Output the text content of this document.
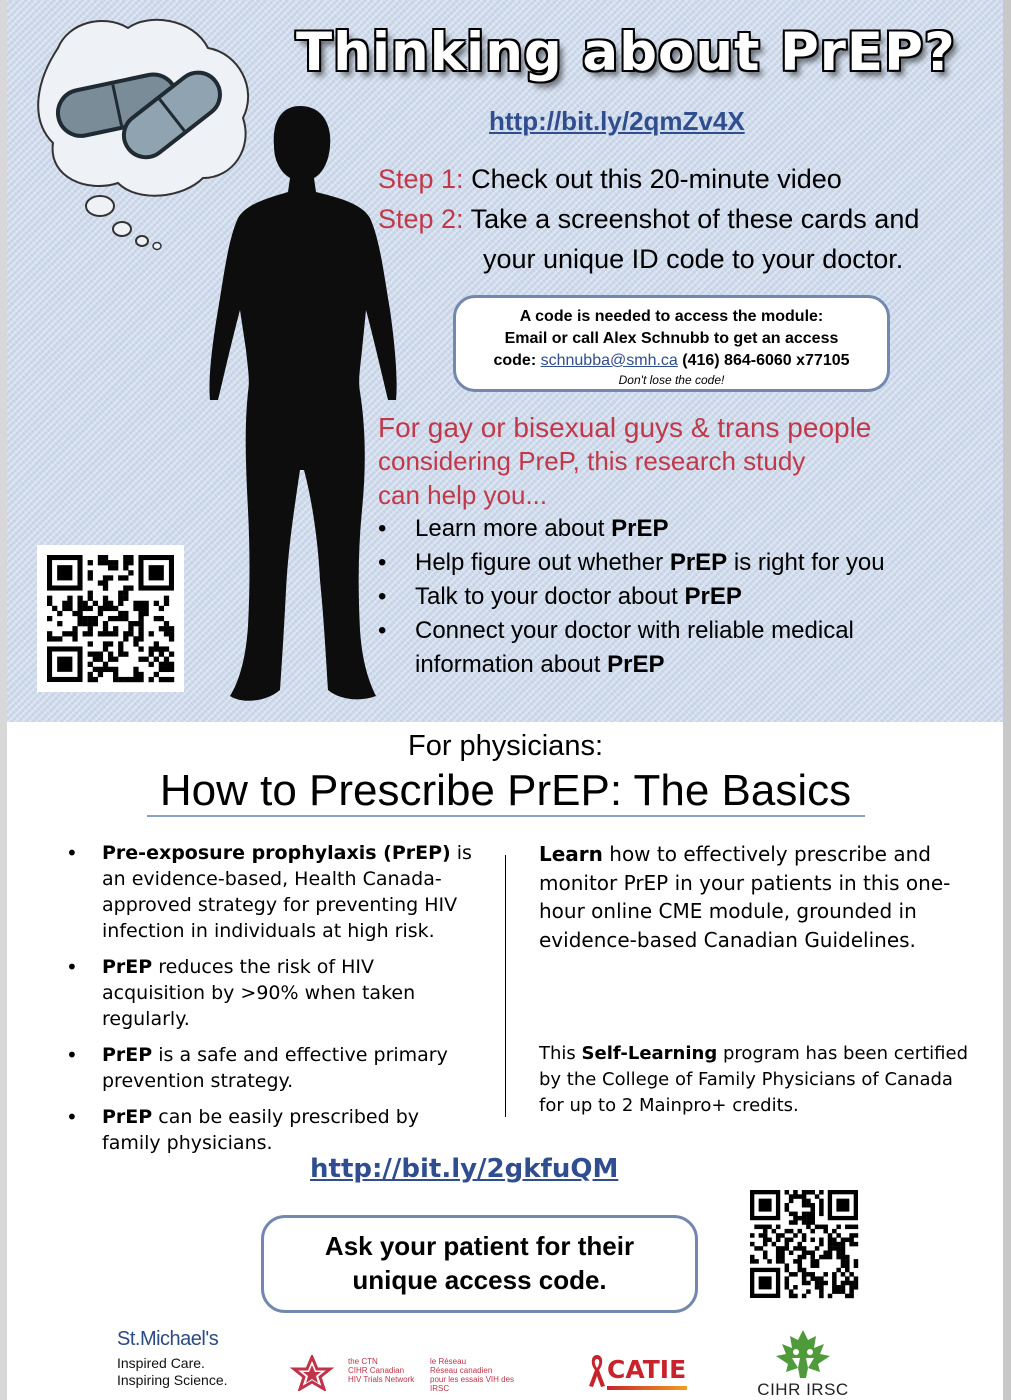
Thinking about PrEP?
http://bit.ly/2qmZv4X
Step 1: Check out this 20-minute video
Step 2: Take a screenshot of these cards and
your unique ID code to your doctor.
A code is needed to access the module:
Email or call Alex Schnubb to get an access
code: schnubba@smh.ca (416) 864-6060 x77105
Don't lose the code!
For gay or bisexual guys & trans people
considering PreP, this research study
can help you...
• Learn more about PrEP
• Help figure out whether PrEP is right for you
• Talk to your doctor about PrEP
• Connect your doctor with reliable medical information about PrEP
For physicians:
How to Prescribe PrEP: The Basics
• Pre-exposure prophylaxis (PrEP) is an evidence-based, Health Canada-approved strategy for preventing HIV infection in individuals at high risk.
• PrEP reduces the risk of HIV acquisition by >90% when taken regularly.
• PrEP is a safe and effective primary prevention strategy.
• PrEP can be easily prescribed by family physicians.
Learn how to effectively prescribe and monitor PrEP in your patients in this one-hour online CME module, grounded in evidence-based Canadian Guidelines.
This Self-Learning program has been certified by the College of Family Physicians of Canada for up to 2 Mainpro+ credits.
http://bit.ly/2gkfuQM
Ask your patient for their
unique access code.
St.Michael's
Inspired Care.
Inspiring Science.
the CTN
CIHR Canadian
HIV Trials Network
le Réseau
Réseau canadien
pour les essais VIH des IRSC
CATIE
CIHR IRSC
